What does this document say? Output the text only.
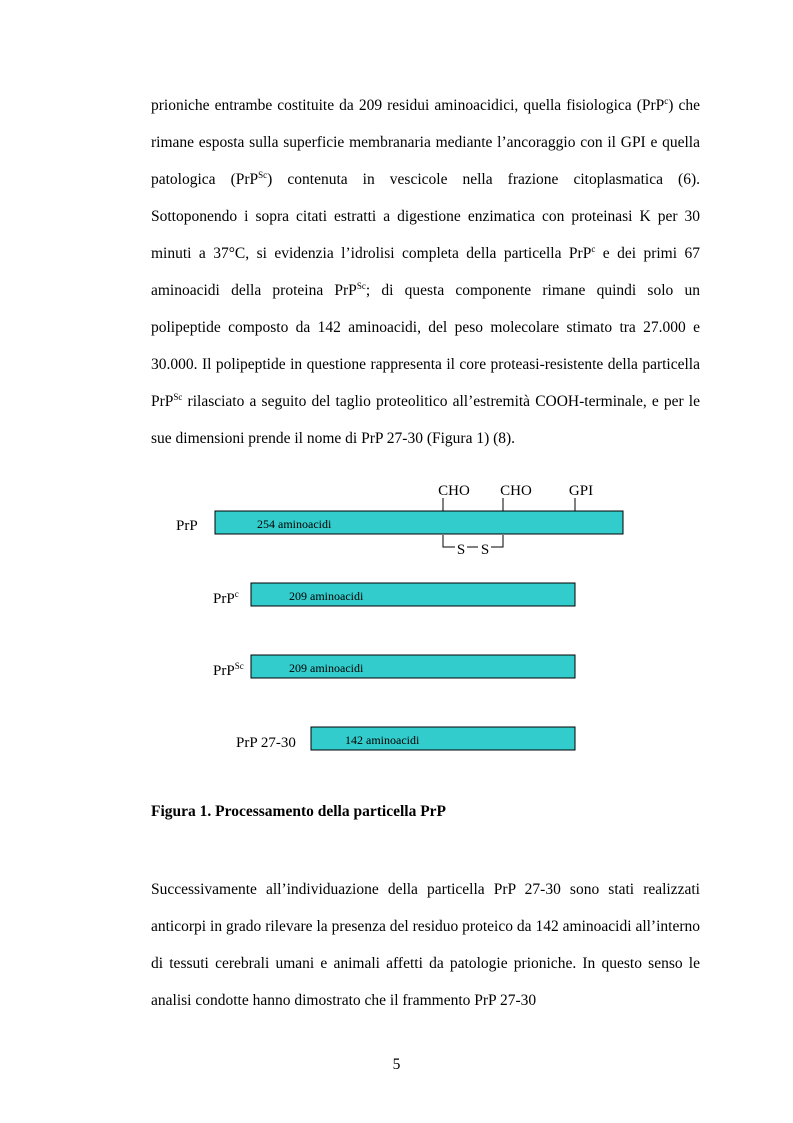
prioniche entrambe costituite da 209 residui aminoacidici, quella fisiologica (PrP$^c$) che rimane esposta sulla superficie membranaria mediante l’ancoraggio con il GPI e quella patologica (PrP$^{Sc}$) contenuta in vescicole nella frazione citoplasmatica (6). Sottoponendo i sopra citati estratti a digestione enzimatica con proteinasi K per 30 minuti a 37°C, si evidenzia l’idrolisi completa della particella PrP$^c$ e dei primi 67 aminoacidi della proteina PrP$^{Sc}$; di questa componente rimane quindi solo un polipeptide composto da 142 aminoacidi, del peso molecolare stimato tra 27.000 e 30.000. Il polipeptide in questione rappresenta il core proteasi-resistente della particella PrP$^{Sc}$ rilasciato a seguito del taglio proteolitico all’estremità COOH-terminale, e per le sue dimensioni prende il nome di PrP 27-30 (Figura 1) (8).

CHO CHO GPI
PrP
PrP$^c$
PrP$^{Sc}$
PrP 27-30
254 aminoacidi
209 aminoacidi
209 aminoacidi
142 aminoacidi
S S

Figura 1. Processamento della particella PrP

Successivamente all’individuazione della particella PrP 27-30 sono stati realizzati anticorpi in grado rilevare la presenza del residuo proteico da 142 aminoacidi all’interno di tessuti cerebrali umani e animali affetti da patologie prioniche. In questo senso le analisi condotte hanno dimostrato che il frammento PrP 27-30

5
